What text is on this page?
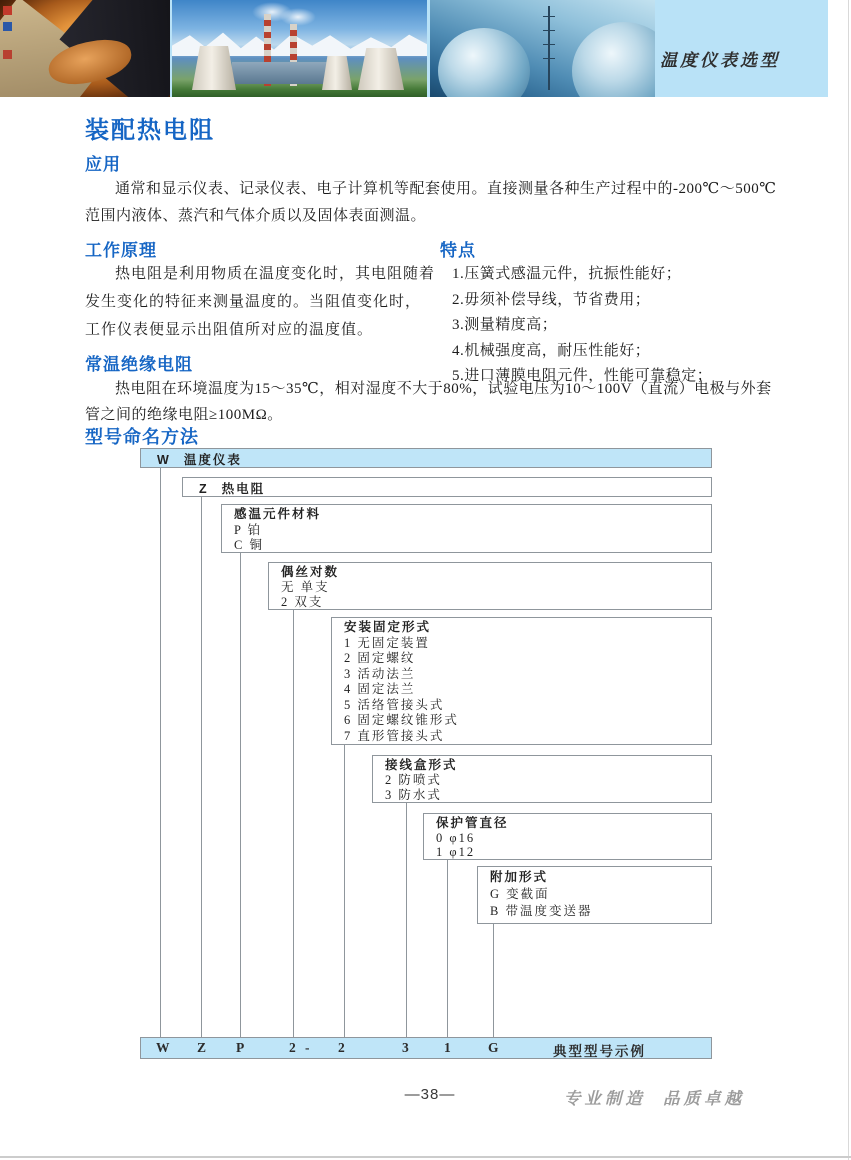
温度仪表选型
装配热电阻
应用

通常和显示仪表、记录仪表、电子计算机等配套使用。直接测量各种生产过程中的-200℃～500℃范围内液体、蒸汽和气体介质以及固体表面测温。

工作原理

热电阻是利用物质在温度变化时，其电阻随着发生变化的特征来测量温度的。当阻值变化时，工作仪表便显示出阻值所对应的温度值。

特点
1.压簧式感温元件，抗振性能好；
2.毋须补偿导线，节省费用；
3.测量精度高；
4.机械强度高，耐压性能好；
5.进口薄膜电阻元件，性能可靠稳定；
常温绝缘电阻

热电阻在环境温度为15～35℃，相对湿度不大于80%，试验电压为10～100V（直流）电极与外套管之间的绝缘电阻≥100MΩ。

型号命名方法
W 温度仪表
Z 热电阻
感温元件材料
P 铂
C 铜
偶丝对数
无 单支
2 双支
安装固定形式
1 无固定装置
2 固定螺纹
3 活动法兰
4 固定法兰
5 活络管接头式
6 固定螺纹锥形式
7 直形管接头式
接线盒形式
2 防喷式
3 防水式
保护管直径
0 φ16
1 φ12
附加形式
G 变截面
B 带温度变送器
W Z P	2 - 2	3	1	G	典型型号示例
—38—	专业制造  品质卓越
